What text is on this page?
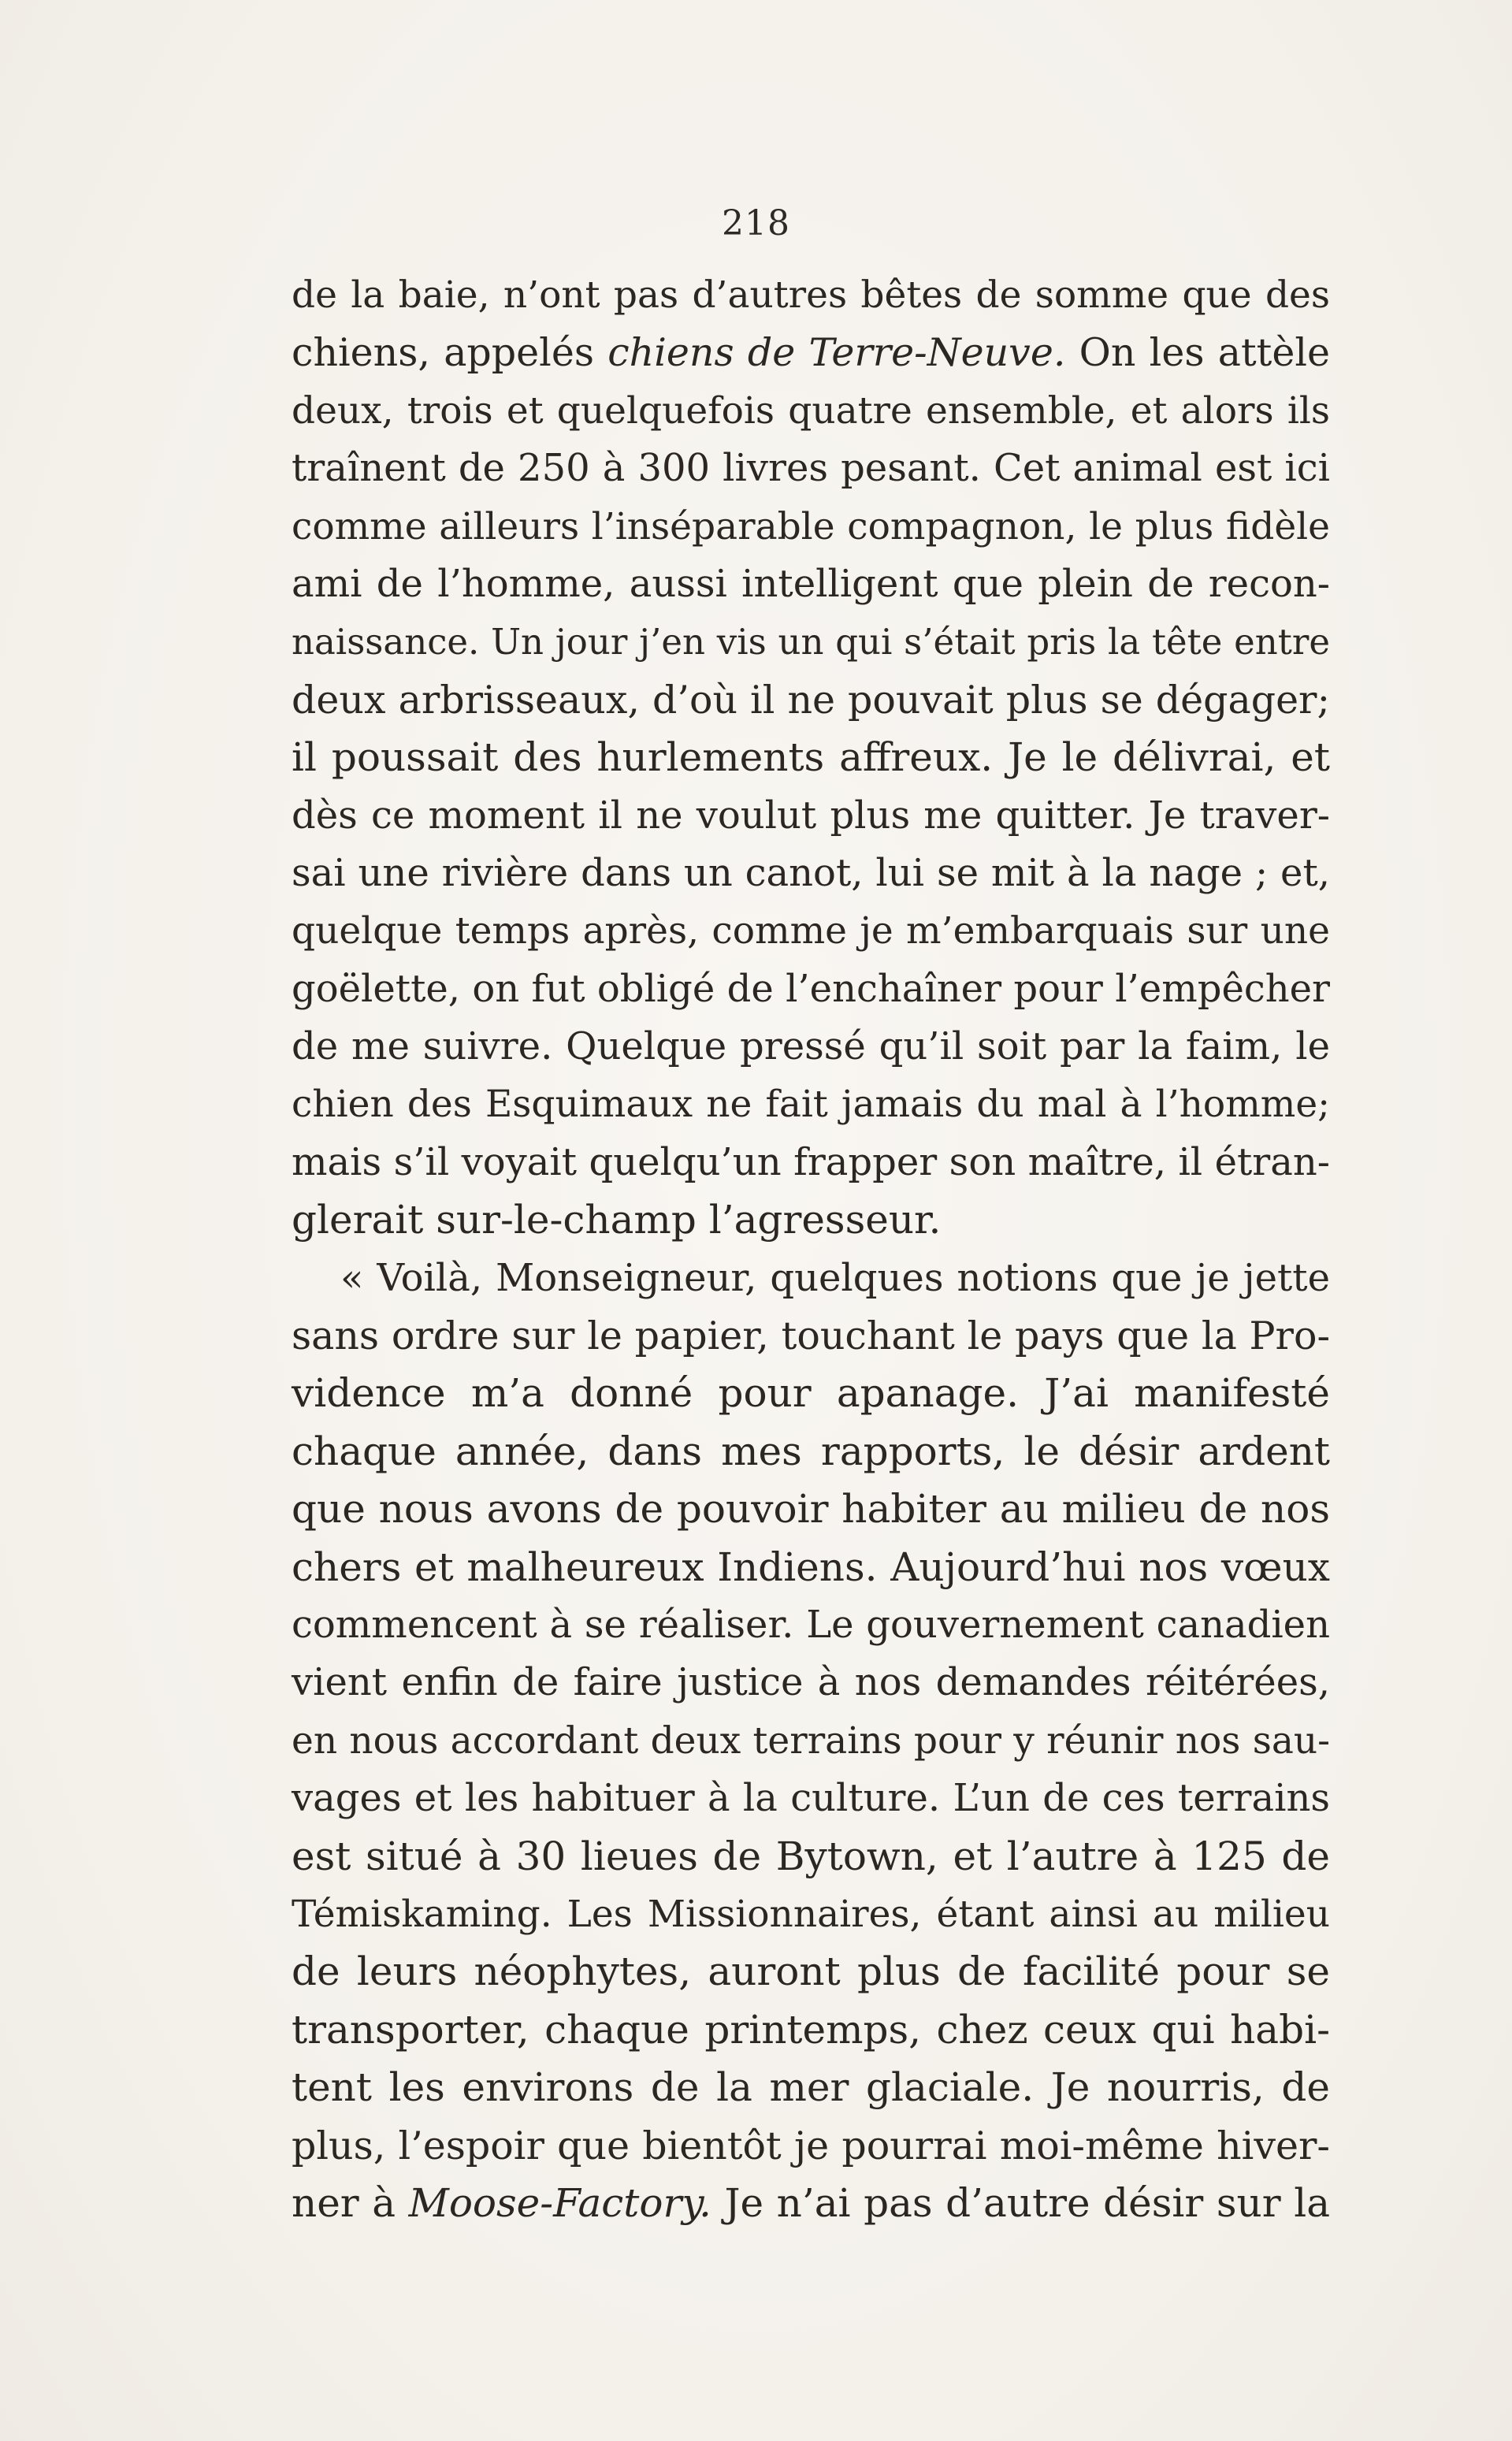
218
de la baie, n’ont pas d’autres bêtes de somme que des
chiens, appelés chiens de Terre-Neuve. On les attèle
deux, trois et quelquefois quatre ensemble, et alors ils
traînent de 250 à 300 livres pesant. Cet animal est ici
comme ailleurs l’inséparable compagnon, le plus fidèle
ami de l’homme, aussi intelligent que plein de recon-
naissance. Un jour j’en vis un qui s’était pris la tête entre
deux arbrisseaux, d’où il ne pouvait plus se dégager;
il poussait des hurlements affreux. Je le délivrai, et
dès ce moment il ne voulut plus me quitter. Je traver-
sai une rivière dans un canot, lui se mit à la nage ; et,
quelque temps après, comme je m’embarquais sur une
goëlette, on fut obligé de l’enchaîner pour l’empêcher
de me suivre. Quelque pressé qu’il soit par la faim, le
chien des Esquimaux ne fait jamais du mal à l’homme;
mais s’il voyait quelqu’un frapper son maître, il étran-
glerait sur-le-champ l’agresseur.
« Voilà, Monseigneur, quelques notions que je jette
sans ordre sur le papier, touchant le pays que la Pro-
vidence m’a donné pour apanage. J’ai manifesté
chaque année, dans mes rapports, le désir ardent
que nous avons de pouvoir habiter au milieu de nos
chers et malheureux Indiens. Aujourd’hui nos vœux
commencent à se réaliser. Le gouvernement canadien
vient enfin de faire justice à nos demandes réitérées,
en nous accordant deux terrains pour y réunir nos sau-
vages et les habituer à la culture. L’un de ces terrains
est situé à 30 lieues de Bytown, et l’autre à 125 de
Témiskaming. Les Missionnaires, étant ainsi au milieu
de leurs néophytes, auront plus de facilité pour se
transporter, chaque printemps, chez ceux qui habi-
tent les environs de la mer glaciale. Je nourris, de
plus, l’espoir que bientôt je pourrai moi-même hiver-
ner à Moose-Factory. Je n’ai pas d’autre désir sur la
